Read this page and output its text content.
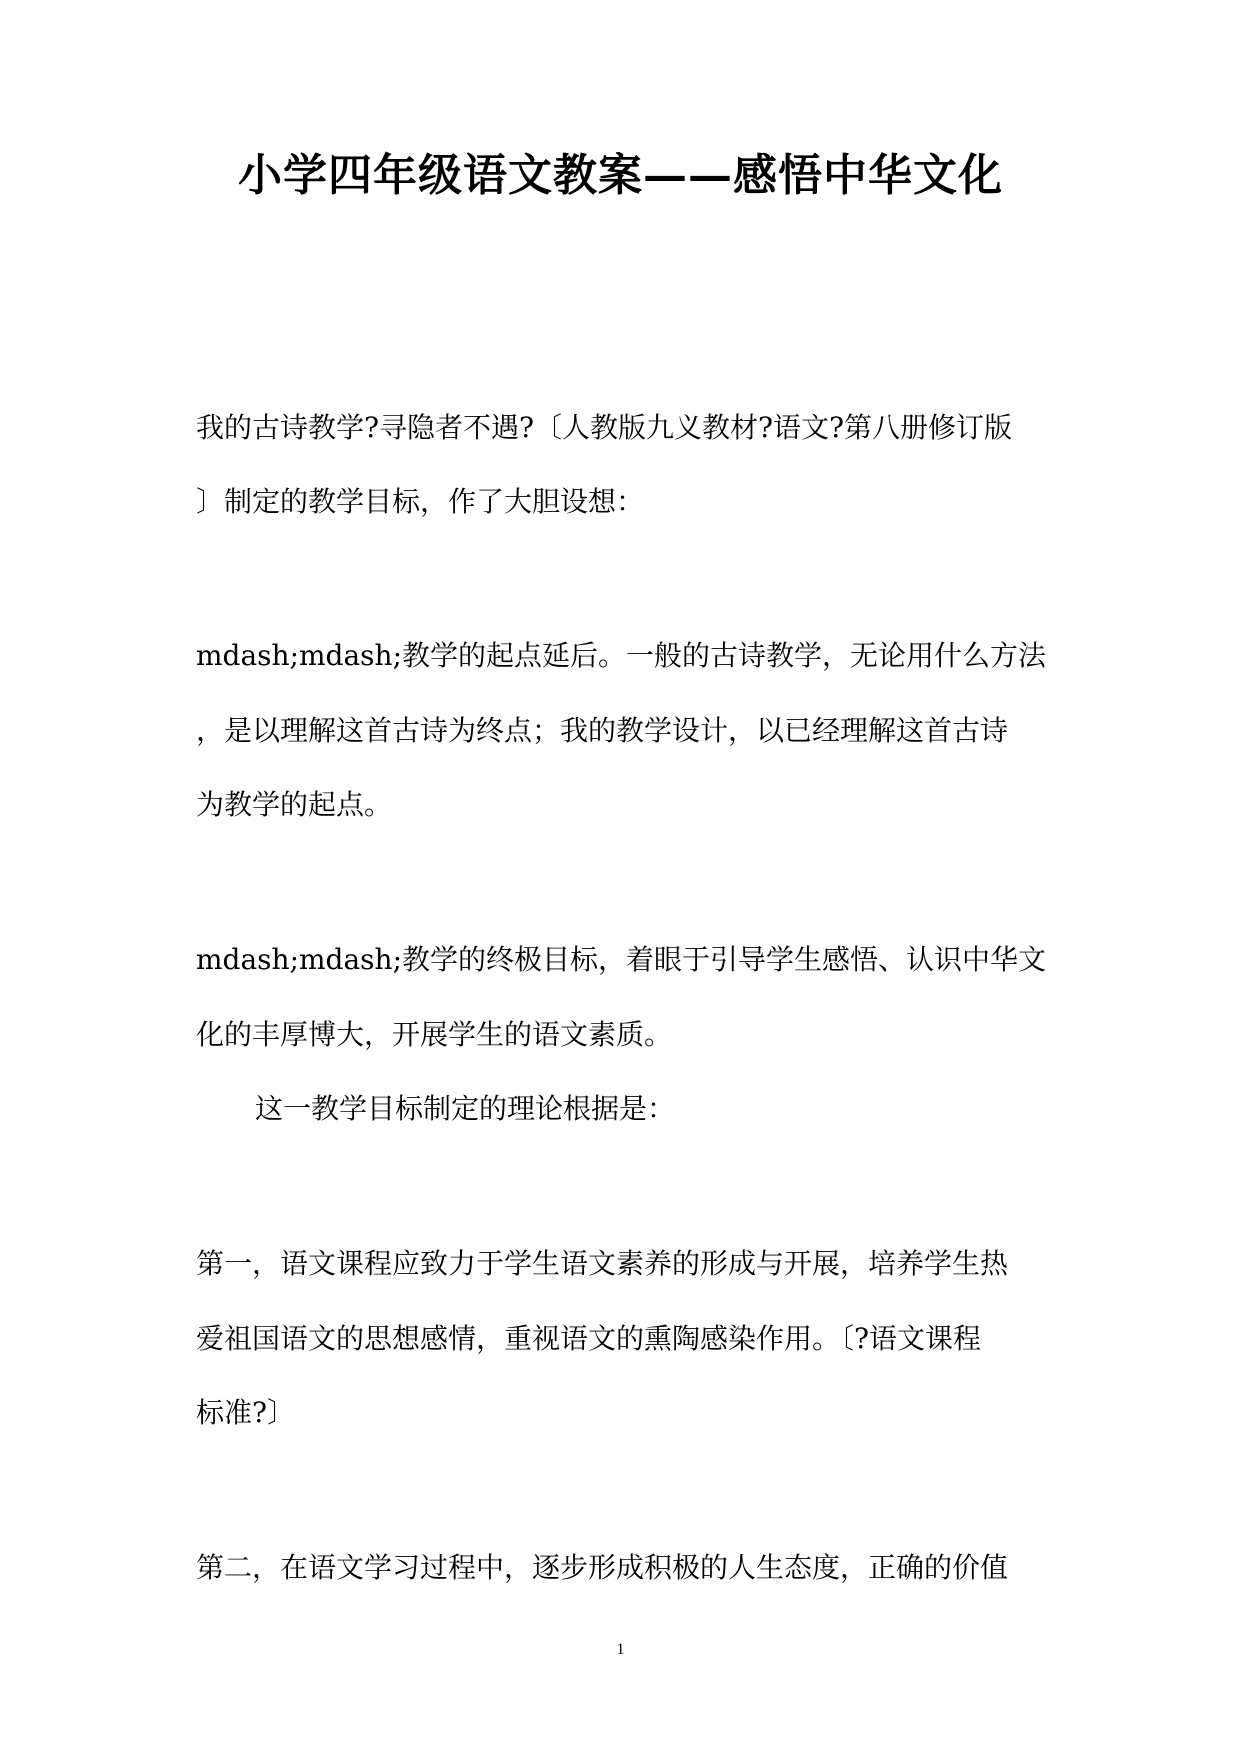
小学四年级语文教案——感悟中华文化
我的古诗教学?寻隐者不遇?〔人教版九义教材?语文?第八册修订版
〕制定的教学目标，作了大胆设想：
mdash;mdash;教学的起点延后。一般的古诗教学，无论用什么方法
，是以理解这首古诗为终点；我的教学设计，以已经理解这首古诗
为教学的起点。
mdash;mdash;教学的终极目标，着眼于引导学生感悟、认识中华文
化的丰厚博大，开展学生的语文素质。
这一教学目标制定的理论根据是：
第一，语文课程应致力于学生语文素养的形成与开展，培养学生热
爱祖国语文的思想感情，重视语文的熏陶感染作用。〔?语文课程
标准?〕
第二，在语文学习过程中，逐步形成积极的人生态度，正确的价值
1
